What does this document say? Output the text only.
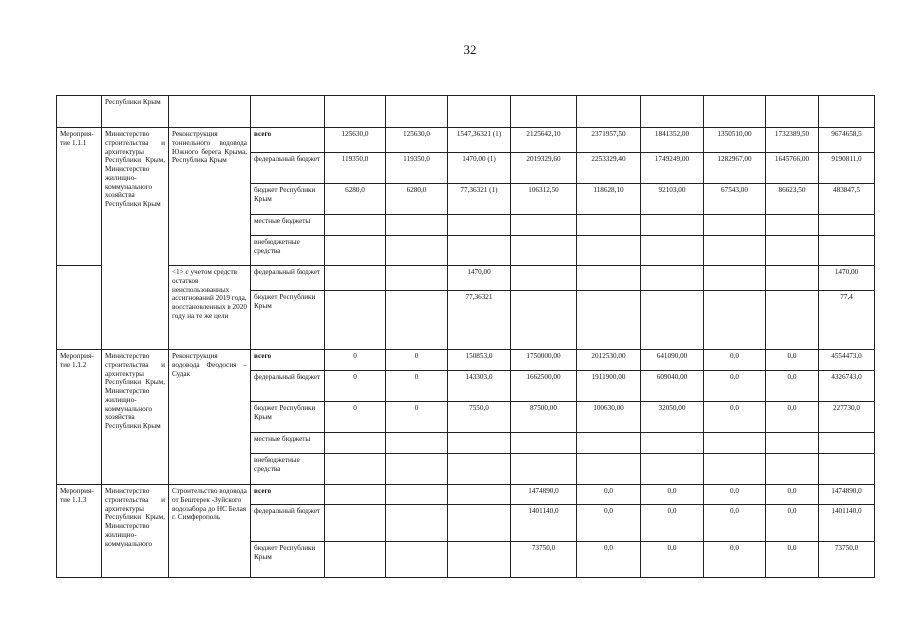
32
	Республики Крым											
Мероприя-тие 1.1.1	Министерство строительства и архитектуры Республики Крым, Министерство жилищно-коммунального хозяйства Республики Крым	Реконструкция тоннельного водовода Южного берега Крыма, Республика Крым	всего	125630,0	125630,0	1547,36321 (1)	2125642,10	2371957,50	1841352,00	1350510,00	1732389,50	9674658,5
			федеральный бюджет	119350,0	119350,0	1470,00 (1)	2019329,60	2253329,40	1749249,00	1282967,00	1645766,00	9190811,0
			бюджет Республики Крым	6280,0	6280,0	77,36321 (1)	106312,50	118628,10	92103,00	67543,00	86623,50	483847,5
			местные бюджеты									
			внебюджетные средства									
		<1> с учетом средств остатков неиспользованных ассигнований 2019 года, восстановленных в 2020 году на те же цели	федеральный бюджет			1470,00						1470,00
			бюджет Республики Крым			77,36321						77,4
Мероприя-тие 1.1.2	Министерство строительства и архитектуры Республики Крым, Министерство жилищно-коммунального хозяйства Республики Крым	Реконструкция водовода Феодосия – Судак	всего	0	0	150853,0	1750000,00	2012530,00	641090,00	0,0	0,0	4554473,0
			федеральный бюджет	0	0	143303,0	1662500,00	1911900,00	609040,00	0,0	0,0	4326743,0
			бюджет Республики Крым	0	0	7550,0	87500,00	100630,00	32050,00	0,0	0,0	227730,0
			местные бюджеты									
			внебюджетные средства									
Мероприя-тие 1.1.3	Министерство строительства и архитектуры Республики Крым, Министерство жилищно-коммунального	Строительство водовода от Бештерек -Зуйского водозабора до НС Белая г. Симферополь	всего				1474890,0	0,0	0,0	0,0	0,0	1474890,0
			федеральный бюджет				1401140,0	0,0	0,0	0,0	0,0	1401140,0
			бюджет Республики Крым				73750,0	0,0	0,0	0,0	0,0	73750,0
